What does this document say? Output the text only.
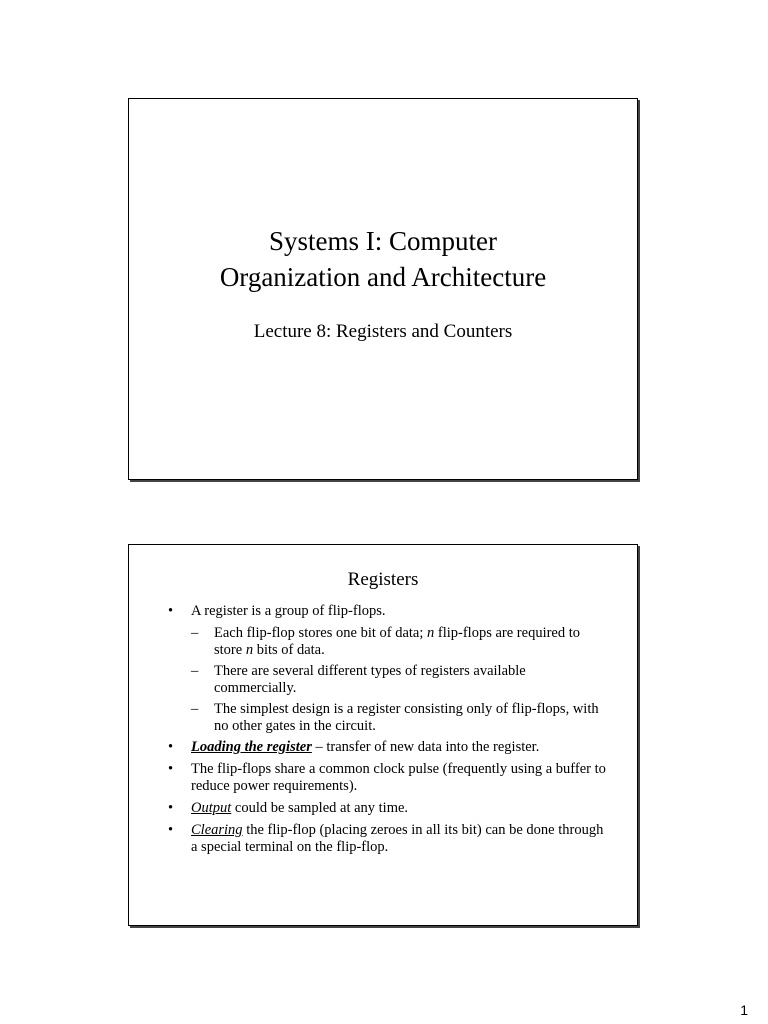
Systems I: Computer
Organization and Architecture
Lecture 8: Registers and Counters
Registers
• A register is a group of flip-flops.
– Each flip-flop stores one bit of data; n flip-flops are required to store n bits of data.
– There are several different types of registers available commercially.
– The simplest design is a register consisting only of flip-flops, with no other gates in the circuit.
• Loading the register – transfer of new data into the register.
• The flip-flops share a common clock pulse (frequently using a buffer to reduce power requirements).
• Output could be sampled at any time.
• Clearing the flip-flop (placing zeroes in all its bit) can be done through a special terminal on the flip-flop.
1
